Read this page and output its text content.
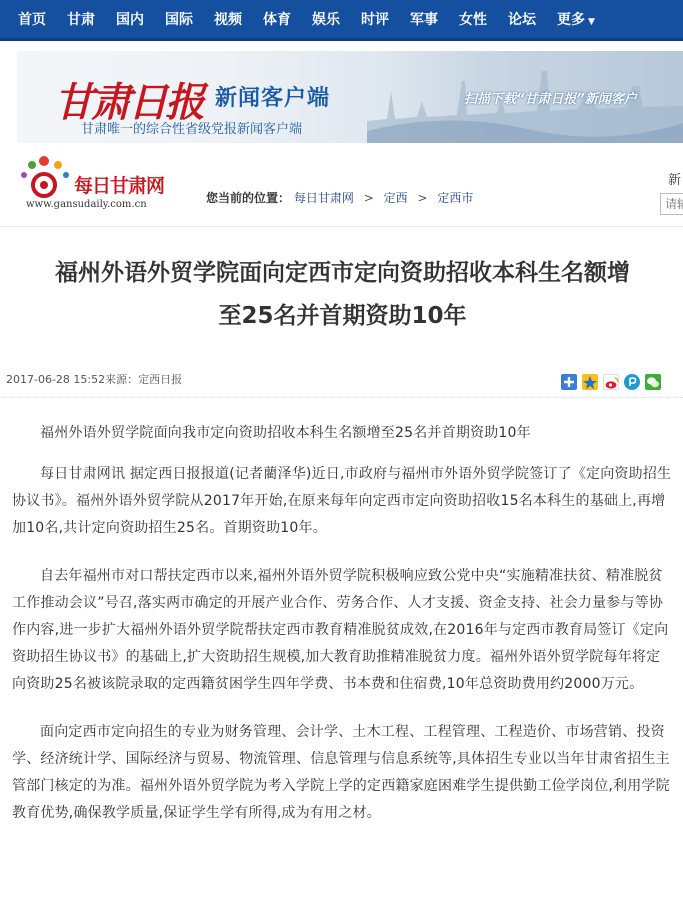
首页 甘肃 国内 国际 视频 体育 娱乐 时评 军事 女性 论坛 更多 ▼
甘肃日报 新闻客户端
甘肃唯一的综合性省级党报新闻客户端
扫描下载“甘肃日报”新闻客户
每日甘肃网
www.gansudaily.com.cn	您当前的位置： 每日甘肃网 > 定西 > 定西市
新
请输
福州外语外贸学院面向定西市定向资助招收本科生名额增
至25名并首期资助10年
2017-06-28 15:52来源：定西日报

福州外语外贸学院面向我市定向资助招收本科生名额增至25名并首期资助10年

每日甘肃网讯 据定西日报报道(记者藺泽华)近日,市政府与福州市外语外贸学院签订了《定向资助招生协议书》。福州外语外贸学院从2017年开始,在原来每年向定西市定向资助招收15名本科生的基础上,再增加10名,共计定向资助招生25名。首期资助10年。

自去年福州市对口帮扶定西市以来,福州外语外贸学院积极响应致公党中央“实施精准扶贫、精准脱贫工作推动会议”号召,落实两市确定的开展产业合作、劳务合作、人才支援、资金支持、社会力量参与等协作内容,进一步扩大福州外语外贸学院帮扶定西市教育精准脱贫成效,在2016年与定西市教育局签订《定向资助招生协议书》的基础上,扩大资助招生规模,加大教育助推精准脱贫力度。福州外语外贸学院每年将定向资助25名被该院录取的定西籍贫困学生四年学费、书本费和住宿费,10年总资助费用约2000万元。

面向定西市定向招生的专业为财务管理、会计学、土木工程、工程管理、工程造价、市场营销、投资学、经济统计学、国际经济与贸易、物流管理、信息管理与信息系统等,具体招生专业以当年甘肃省招生主管部门核定的为准。福州外语外贸学院为考入学院上学的定西籍家庭困难学生提供勤工俭学岗位,利用学院教育优势,确保教学质量,保证学生学有所得,成为有用之材。
